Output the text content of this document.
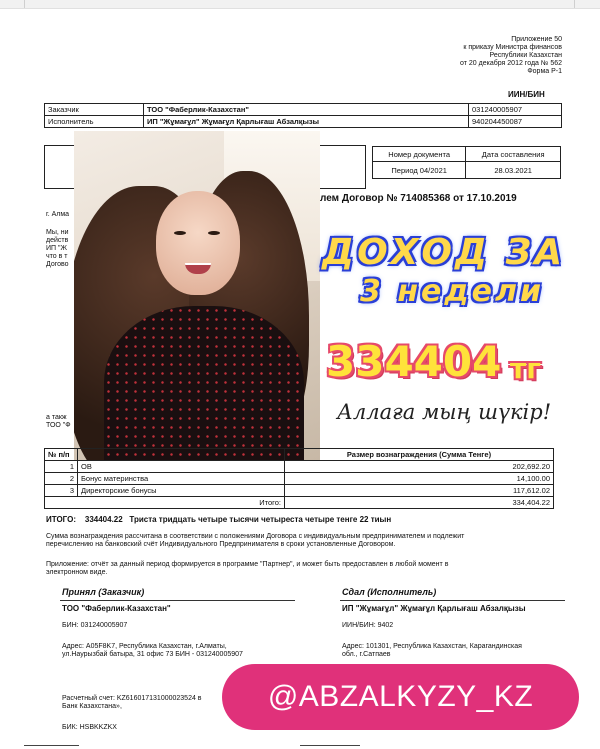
Приложение 50
к приказу Министра финансов
Республики Казахстан
от 20 декабря 2012 года № 562
Форма Р-1
ИИН/БИН
Заказчик	ТОО "Фаберлик-Казахстан"	031240005907
Исполнитель	ИП "Жұмағұл" Жұмағұл Қарлығаш Абзалқызы	940204450087
Номер документа	Дата составления
Период 04/2021	28.03.2021
лем Договор № 714085368 от 17.10.2019
г. Алма
Мы, ни
действ
ИП "Ж
что в т
Догово
а такж
ТОО "Ф
ДОХОД ЗА
3 недели
334404 тг
Аллаға мың шүкір!
№ п/п		Размер вознаграждения (Сумма Тенге)
1	ОВ	202,692.20
2	Бонус материнства	14,100.00
3	Директорские бонусы	117,612.02
Итого:		334,404.22
ИТОГО: 334404.22 Триста тридцать четыре тысячи четыреста четыре тенге 22 тиын
Сумма вознаграждения рассчитана в соответствии с положениями Договора с индивидуальным предпринимателем и подлежит
перечислению на банковский счёт Индивидуального Предпринимателя в сроки установленные Договором.
Приложение: отчёт за данный период формируется в программе "Партнер", и может быть предоставлен в любой момент в
электронном виде.
Принял (Заказчик)
ТОО "Фаберлик-Казахстан"
БИН: 031240005907
Адрес: A05F8K7, Республика Казахстан, г.Алматы,
ул.Наурызбай батыра, 31 офис 73 БИН - 031240005907
Расчетный счет: KZ616017131000023524 в
Банк Казахстана»,
БИК: HSBKKZKX
Сдал (Исполнитель)
ИП "Жұмағұл" Жұмағұл Қарлығаш Абзалқызы
ИИН/БИН: 9402
Адрес: 101301, Республика Казахстан, Карагандинская
обл., г.Сатпаев
@ABZALKYZY_KZ
